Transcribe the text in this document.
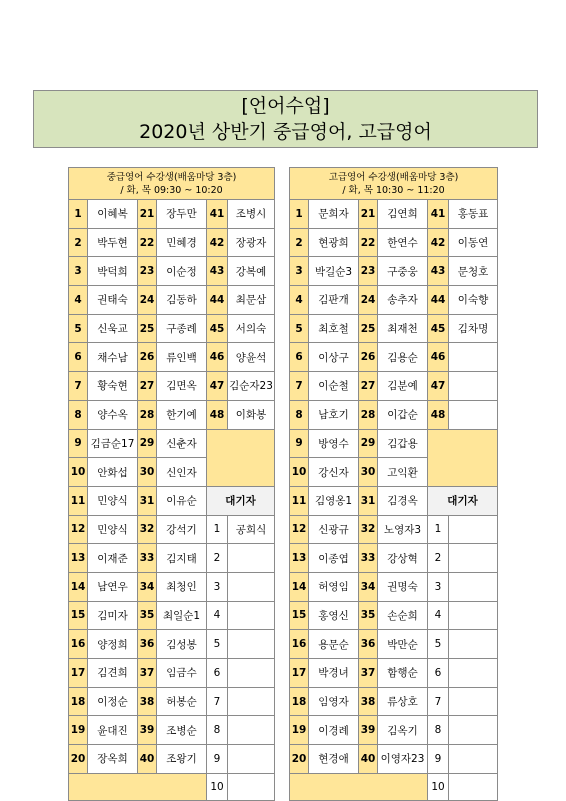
[언어수업]
2020년 상반기 중급영어, 고급영어
중급영어 수강생(배움마당 3층)
/ 화, 목 09:30 ~ 10:20					

1	이혜복	21	장두만	41	조병시
2	박두현	22	민혜경	42	장광자
3	박덕희	23	이순정	43	강복예
4	권태숙	24	김동하	44	최문삼
5	신욱교	25	구종례	45	서의숙
6	채수남	26	류인백	46	양윤석
7	황숙현	27	김면옥	47	김순자23
8	양수옥	28	한기예	48	이화봉
9	김금순17	29	신춘자		
10	안화섭	30	신인자		
11	민양식	31	이유순	대기자	
12	민양식	32	강석기	1	공희식
13	이재준	33	김지태	2	
14	남연우	34	최청인	3	
15	김미자	35	최일순1	4	
16	양정희	36	김성봉	5	
17	김견희	37	임금수	6	
18	이정순	38	허봉순	7	
19	윤대진	39	조병순	8	
20	장옥희	40	조왕기	9	
				10	
고급영어 수강생(배움마당 3층)
/ 화, 목 10:30 ~ 11:20					

1	문희자	21	김연희	41	홍동표
2	현광희	22	한연수	42	이동연
3	박길순3	23	구중웅	43	문청호
4	김판개	24	송추자	44	이숙향
5	최호철	25	최재천	45	김차명
6	이상구	26	김용순	46	
7	이순철	27	김분예	47	
8	남호기	28	이갑순	48	
9	방영수	29	김갑용		
10	강신자	30	고익환		
11	김영옹1	31	김경옥	대기자	
12	신광규	32	노영자3	1	
13	이종엽	33	강상혁	2	
14	허영임	34	권명숙	3	
15	홍영신	35	손순희	4	
16	용문순	36	박만순	5	
17	박경녀	37	함행순	6	
18	임영자	38	류상호	7	
19	이경례	39	김옥기	8	
20	현경애	40	이영자23	9	
				10	
